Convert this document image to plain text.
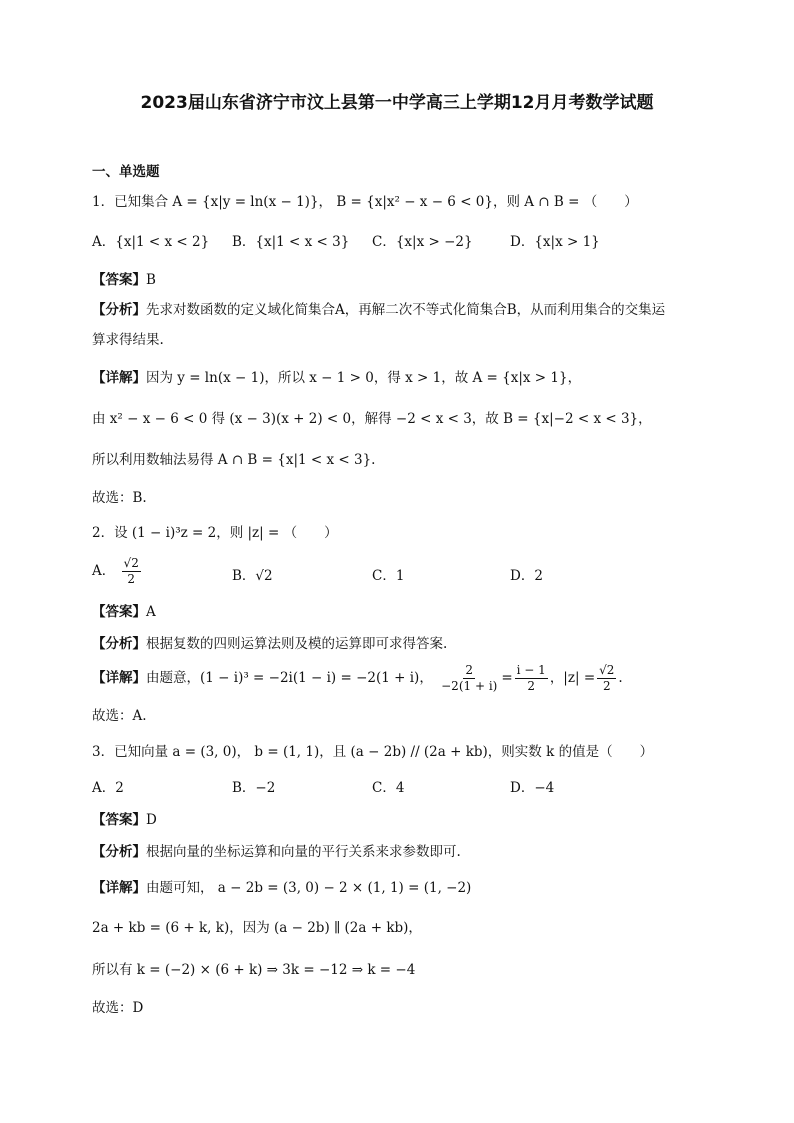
2023届山东省济宁市汶上县第一中学高三上学期12月月考数学试题
一、单选题
1．已知集合 A = {x|y = ln(x − 1)}， B = {x|x² − x − 6 < 0}，则 A ∩ B = （　　）
A．{x|1 < x < 2} B．{x|1 < x < 3} C．{x|x > −2}	D．{x|x > 1}
【答案】B
【分析】先求对数函数的定义域化简集合A，再解二次不等式化简集合B，从而利用集合的交集运
算求得结果.
【详解】因为 y = ln(x − 1)，所以 x − 1 > 0，得 x > 1，故 A = {x|x > 1}，
由 x² − x − 6 < 0 得 (x − 3)(x + 2) < 0，解得 −2 < x < 3，故 B = {x|−2 < x < 3}，
所以利用数轴法易得 A ∩ B = {x|1 < x < 3}.
故选：B.
2．设 (1 − i)³z = 2，则 |z| = （　　）
A． $\frac{√2}{2}$	B．√2	C．1	D．2
【答案】A
【分析】根据复数的四则运算法则及模的运算即可求得答案.
【详解】由题意，(1 − i)³ = −2i(1 − i) = −2(1 + i)， $\frac{2}{-2(1 + i)} = \frac{i - 1}{2}$ ，$|z| = \frac{√2}{2}$ .
故选：A.
3．已知向量 a = (3, 0)， b = (1, 1)，且 (a − 2b) // (2a + kb)，则实数 k 的值是（　　）
A．2	B．−2	C．4	D．−4
【答案】D
【分析】根据向量的坐标运算和向量的平行关系来求参数即可.
【详解】由题可知， a − 2b = (3, 0) − 2 × (1, 1) = (1, −2)
2a + kb = (6 + k, k)，因为 (a − 2b) ∥ (2a + kb)，
所以有 k = (−2) × (6 + k) ⇒ 3k = −12 ⇒ k = −4
故选：D
